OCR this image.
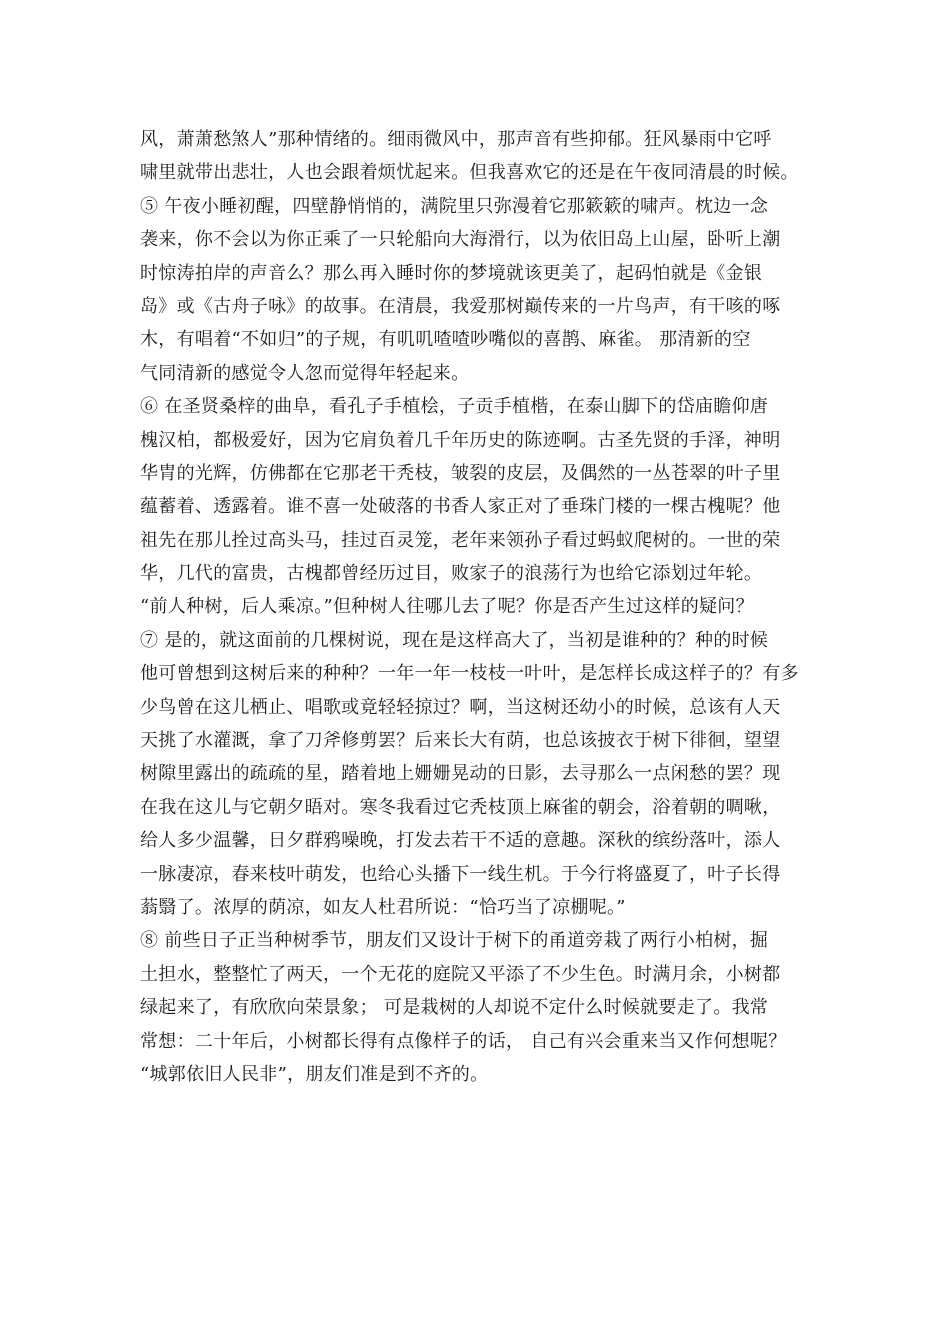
风，萧萧愁煞人”那种情绪的。细雨微风中，那声音有些抑郁。狂风暴雨中它呼
啸里就带出悲壮，人也会跟着烦忧起来。但我喜欢它的还是在午夜同清晨的时候。
⑤ 午夜小睡初醒，四壁静悄悄的，满院里只弥漫着它那簌簌的啸声。枕边一念
袭来，你不会以为你正乘了一只轮船向大海滑行，以为依旧岛上山屋，卧听上潮
时惊涛拍岸的声音么？那么再入睡时你的梦境就该更美了，起码怕就是《金银
岛》或《古舟子咏》的故事。在清晨，我爱那树巅传来的一片鸟声，有干咳的啄
木，有唱着“不如归”的子规，有叽叽喳喳吵嘴似的喜鹊、麻雀。 那清新的空
气同清新的感觉令人忽而觉得年轻起来。
⑥ 在圣贤桑梓的曲阜，看孔子手植桧，子贡手植楷，在泰山脚下的岱庙瞻仰唐
槐汉柏，都极爱好，因为它肩负着几千年历史的陈迹啊。古圣先贤的手泽，神明
华胄的光辉，仿佛都在它那老干秃枝，皱裂的皮层，及偶然的一丛苍翠的叶子里
蕴蓄着、透露着。谁不喜一处破落的书香人家正对了垂珠门楼的一棵古槐呢？他
祖先在那儿拴过高头马，挂过百灵笼，老年来领孙子看过蚂蚁爬树的。一世的荣
华，几代的富贵，古槐都曾经历过目，败家子的浪荡行为也给它添划过年轮。
“前人种树，后人乘凉。”但种树人往哪儿去了呢？你是否产生过这样的疑问？
⑦ 是的，就这面前的几棵树说，现在是这样高大了，当初是谁种的？种的时候
他可曾想到这树后来的种种？一年一年一枝枝一叶叶，是怎样长成这样子的？有多
少鸟曾在这儿栖止、唱歌或竟轻轻掠过？啊，当这树还幼小的时候，总该有人天
天挑了水灌溉，拿了刀斧修剪罢？后来长大有荫，也总该披衣于树下徘徊，望望
树隙里露出的疏疏的星，踏着地上姗姗晃动的日影，去寻那么一点闲愁的罢？现
在我在这儿与它朝夕晤对。寒冬我看过它秃枝顶上麻雀的朝会，浴着朝的啁啾，
给人多少温馨，日夕群鸦噪晚，打发去若干不适的意趣。深秋的缤纷落叶，添人
一脉凄凉，春来枝叶萌发，也给心头播下一线生机。于今行将盛夏了，叶子长得
蓊翳了。浓厚的荫凉，如友人杜君所说：“恰巧当了凉棚呢。”
⑧ 前些日子正当种树季节，朋友们又设计于树下的甬道旁栽了两行小柏树，掘
土担水，整整忙了两天，一个无花的庭院又平添了不少生色。时满月余，小树都
绿起来了，有欣欣向荣景象； 可是栽树的人却说不定什么时候就要走了。我常
常想：二十年后，小树都长得有点像样子的话， 自己有兴会重来当又作何想呢？
“城郭依旧人民非”，朋友们准是到不齐的。
